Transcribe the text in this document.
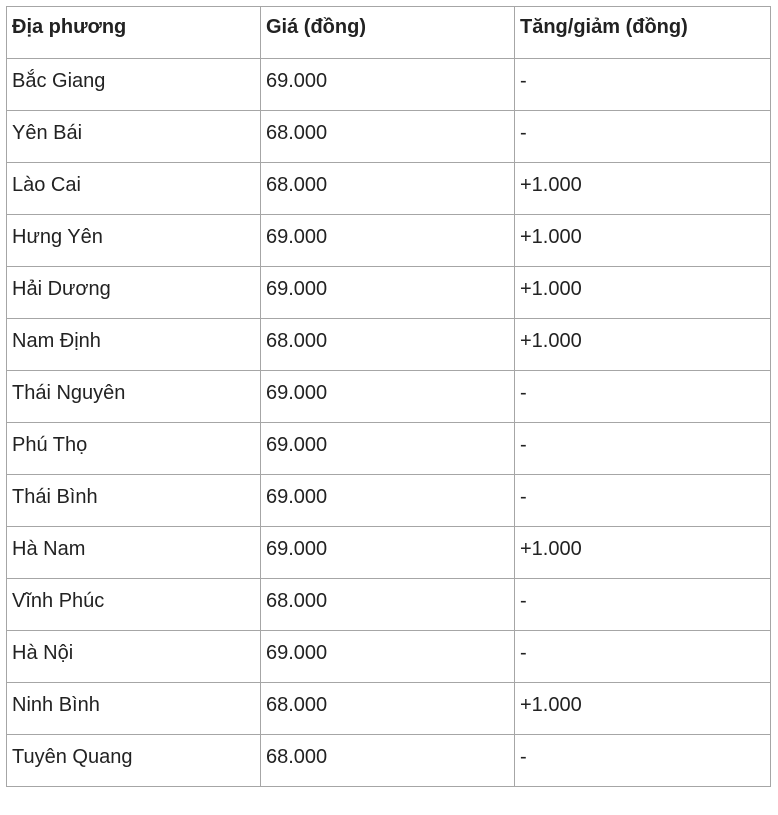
Địa phương	Giá (đồng)	Tăng/giảm (đồng)
Bắc Giang	69.000	-
Yên Bái	68.000	-
Lào Cai	68.000	+1.000
Hưng Yên	69.000	+1.000
Hải Dương	69.000	+1.000
Nam Định	68.000	+1.000
Thái Nguyên	69.000	-
Phú Thọ	69.000	-
Thái Bình	69.000	-
Hà Nam	69.000	+1.000
Vĩnh Phúc	68.000	-
Hà Nội	69.000	-
Ninh Bình	68.000	+1.000
Tuyên Quang	68.000	-
